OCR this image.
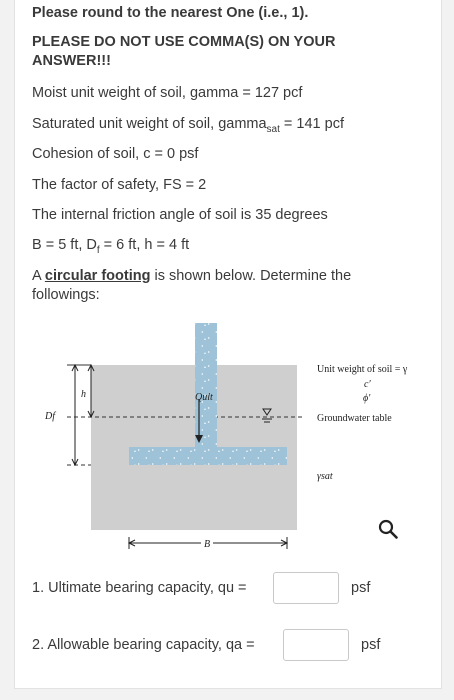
Please round to the nearest One (i.e., 1).
PLEASE DO NOT USE COMMA(S) ON YOUR ANSWER!!!
Moist unit weight of soil, gamma = 127 pcf
Saturated unit weight of soil, gamma$_{sat}$ = 141 pcf
Cohesion of soil, c = 0 psf
The factor of safety, FS = 2
The internal friction angle of soil is 35 degrees
B = 5 ft, $D_f = 6$ ft, h = 4 ft
A circular footing is shown below. Determine the followings:
Qult
h
Df
B
Unit weight of soil = γ
c′
ϕ′
Groundwater table
γsat
1. Ultimate bearing capacity, qu =	psf
2. Allowable bearing capacity, qa =	psf
